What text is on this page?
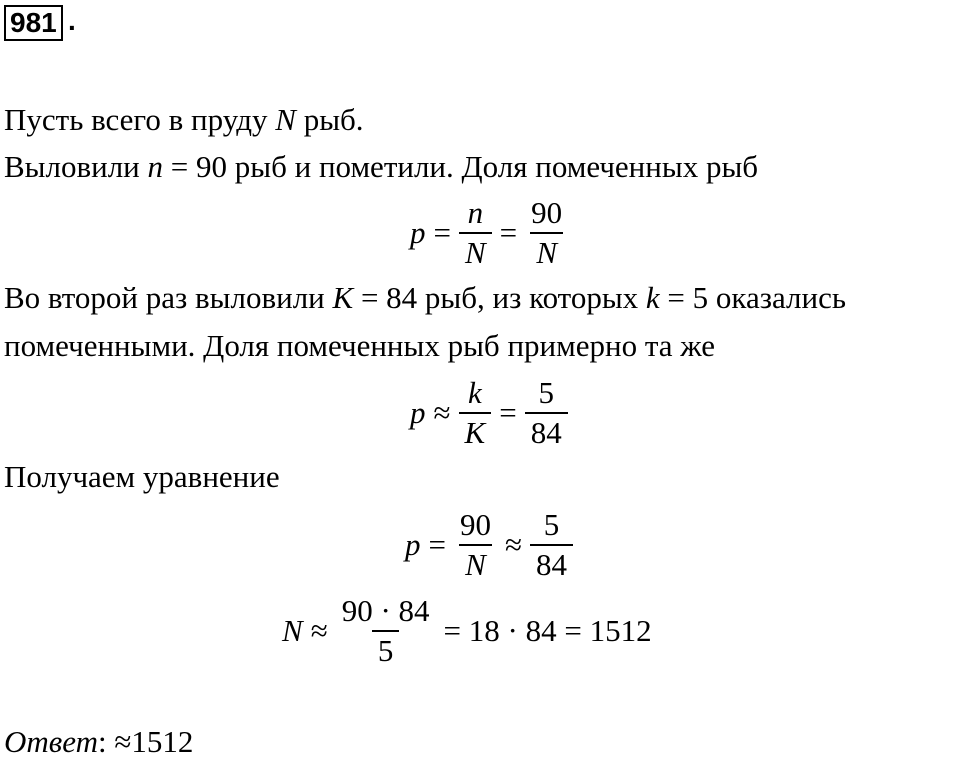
981 .
Пусть всего в пруду N рыб.
Выловили n = 90 рыб и пометили. Доля помеченных рыб
$p = \frac{n}{N} = \frac{90}{N}$
Во второй раз выловили K = 84 рыб, из которых k = 5 оказались
помеченными. Доля помеченных рыб примерно та же
$p \approx \frac{k}{K} = \frac{5}{84}$
Получаем уравнение
$p = \frac{90}{N} \approx \frac{5}{84}$
$N \approx \frac{90 \cdot 84}{5} = 18 \cdot 84 = 1512$
Ответ: ≈1512
